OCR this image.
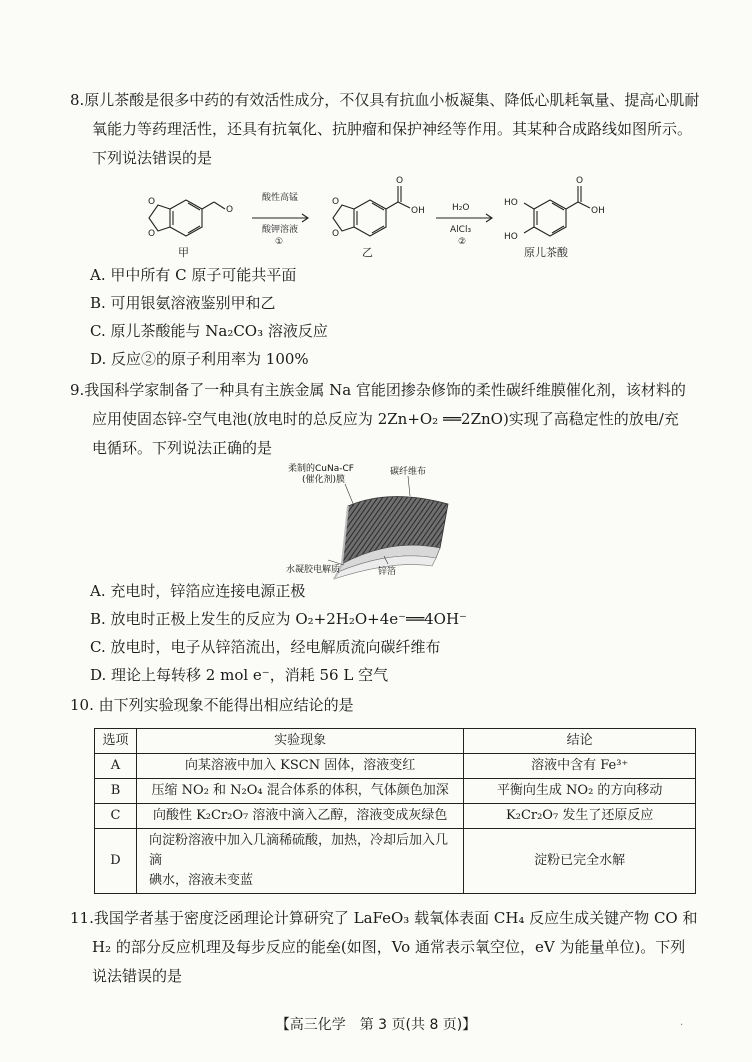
8.原儿茶酸是很多中药的有效活性成分，不仅具有抗血小板凝集、降低心肌耗氧量、提高心肌耐

氧能力等药理活性，还具有抗氧化、抗肿瘤和保护神经等作用。其某种合成路线如图所示。

下列说法错误的是

O
O
O
O
O
O
OH
HO
HO
O
OH
酸性高锰
酸钾溶液
①
H₂O
AlCl₃
②
甲	乙	原儿茶酸
A. 甲中所有 C 原子可能共平面
B. 可用银氨溶液鉴别甲和乙
C. 原儿茶酸能与 Na₂CO₃ 溶液反应
D. 反应②的原子利用率为 100%

9.我国科学家制备了一种具有主族金属 Na 官能团掺杂修饰的柔性碳纤维膜催化剂，该材料的

应用使固态锌-空气电池(放电时的总反应为 2Zn+O₂ ══2ZnO)实现了高稳定性的放电/充

电循环。下列说法正确的是

柔制的CuNa-CF
(催化剂)膜
碳纤维布
水凝胶电解质	锌箔
A. 充电时，锌箔应连接电源正极
B. 放电时正极上发生的反应为 O₂+2H₂O+4e⁻══4OH⁻
C. 放电时，电子从锌箔流出，经电解质流向碳纤维布
D. 理论上每转移 2 mol e⁻，消耗 56 L 空气
10. 由下列实验现象不能得出相应结论的是
选项	实验现象	结论
A	向某溶液中加入 KSCN 固体，溶液变红	溶液中含有 Fe³⁺
B	压缩 NO₂ 和 N₂O₄ 混合体系的体积，气体颜色加深	平衡向生成 NO₂ 的方向移动
C	向酸性 K₂Cr₂O₇ 溶液中滴入乙醇，溶液变成灰绿色	K₂Cr₂O₇ 发生了还原反应
D	向淀粉溶液中加入几滴稀硫酸，加热，冷却后加入几滴
碘水，溶液未变蓝	淀粉已完全水解

11.我国学者基于密度泛函理论计算研究了 LaFeO₃ 载氧体表面 CH₄ 反应生成关键产物 CO 和

H₂ 的部分反应机理及每步反应的能垒(如图，Vo 通常表示氧空位，eV 为能量单位)。下列

说法错误的是

【高三化学　第 3 页(共 8 页)】	·
